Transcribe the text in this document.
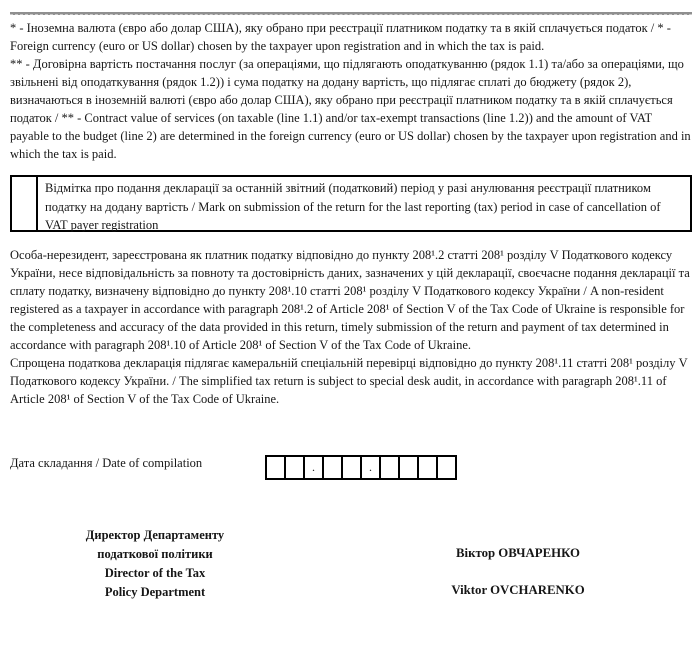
* - Іноземна валюта (євро або долар США), яку обрано при реєстрації платником податку та в якій сплачується податок / * - Foreign currency (euro or US dollar) chosen by the taxpayer upon registration and in which the tax is paid.

** - Договірна вартість постачання послуг (за операціями, що підлягають оподаткуванню (рядок 1.1) та/або за операціями, що звільнені від оподаткування (рядок 1.2)) і сума податку на додану вартість, що підлягає сплаті до бюджету (рядок 2), визначаються в іноземній валюті (євро або долар США), яку обрано при реєстрації платником податку та в якій сплачується податок / ** - Contract value of services (on taxable (line 1.1) and/or tax-exempt transactions (line 1.2)) and the amount of VAT payable to the budget (line 2) are determined in the foreign currency (euro or US dollar) chosen by the taxpayer upon registration and in which the tax is paid.

Відмітка про подання декларації за останній звітний (податковий) період у разі анулювання реєстрації платником податку на додану вартість / Mark on submission of the return for the last reporting (tax) period in case of cancellation of VAT payer registration

Особа-нерезидент, зареєстрована як платник податку відповідно до пункту 208¹.2 статті 208¹ розділу V Податкового кодексу України, несе відповідальність за повноту та достовірність даних, зазначених у цій декларації, своєчасне подання декларації та сплату податку, визначену відповідно до пункту 208¹.10 статті 208¹ розділу V Податкового кодексу України / A non-resident registered as a taxpayer in accordance with paragraph 208¹.2 of Article 208¹ of Section V of the Tax Code of Ukraine is responsible for the completeness and accuracy of the data provided in this return, timely submission of the return and payment of tax determined in accordance with paragraph 208¹.10 of Article 208¹ of Section V of the Tax Code of Ukraine.

Спрощена податкова декларація підлягає камеральній спеціальній перевірці відповідно до пункту 208¹.11 статті 208¹ розділу V Податкового кодексу України. / The simplified tax return is subject to special desk audit, in accordance with paragraph 208¹.11 of Article 208¹ of Section V of the Tax Code of Ukraine.

Дата складання / Date of compilation
			.			.				
Директор Департаменту
податкової політики
Director of the Tax
Policy Department
Віктор ОВЧАРЕНКО
Viktor OVCHARENKO
